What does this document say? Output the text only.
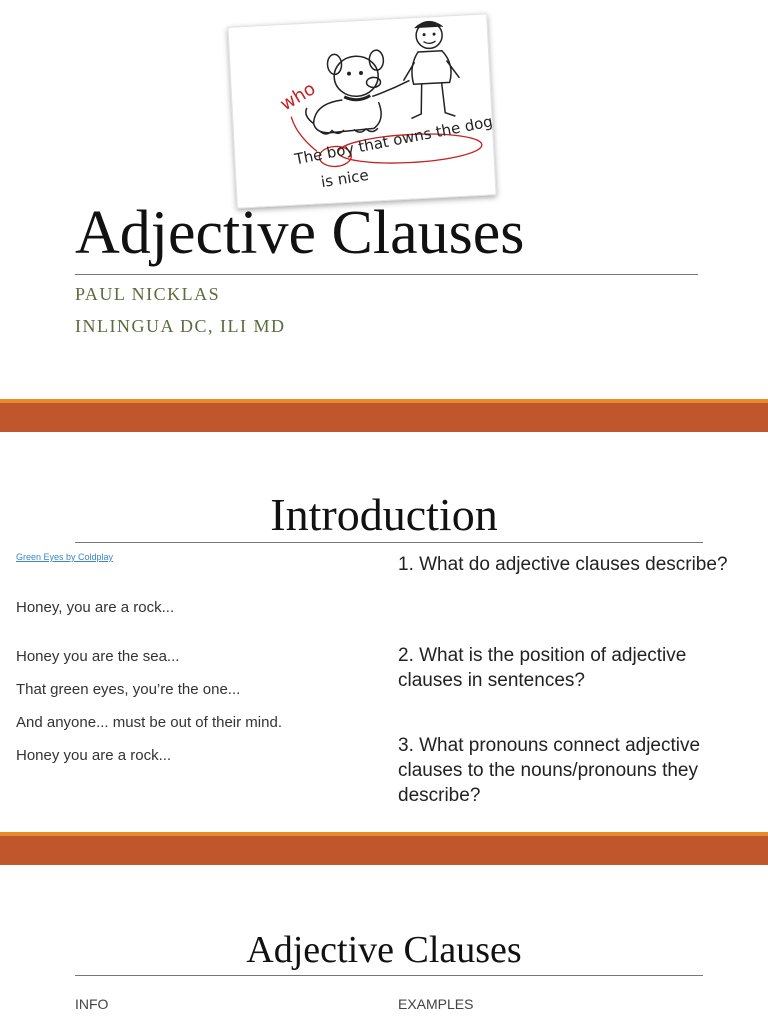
who
The boy that owns the dog
is nice
Adjective Clauses
PAUL NICKLAS
INLINGUA DC, ILI MD
Introduction
Green Eyes by Coldplay
Honey, you are a rock...
Honey you are the sea...
That green eyes, you’re the one...
And anyone... must be out of their mind.
Honey you are a rock...
1. What do adjective clauses describe?
2. What is the position of adjective clauses in sentences?
3. What pronouns connect adjective clauses to the nouns/pronouns they describe?
Adjective Clauses
INFO	EXAMPLES
